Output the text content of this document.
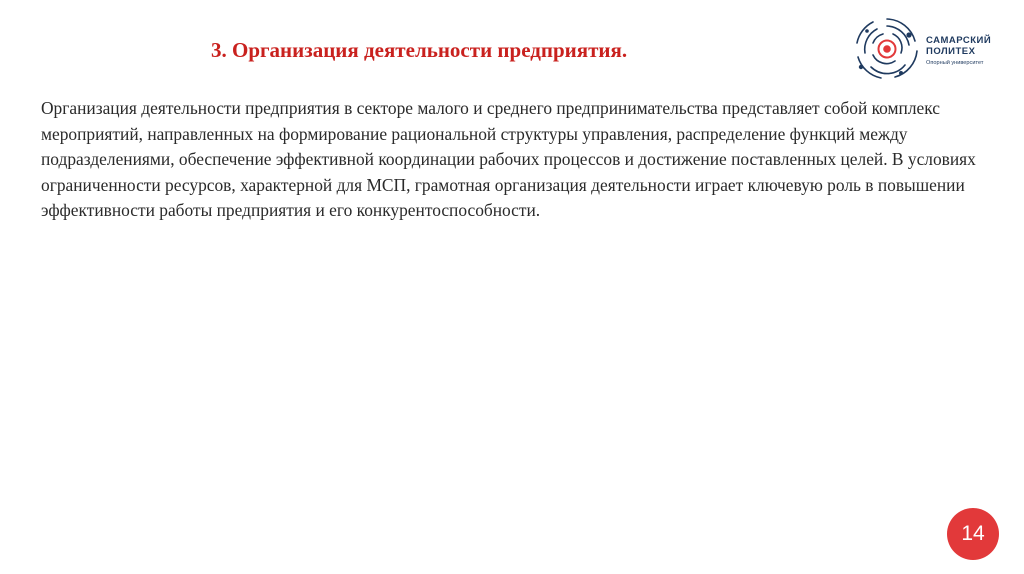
3. Организация деятельности предприятия.

Организация деятельности предприятия в секторе малого и среднего предпринимательства представляет собой комплекс мероприятий, направленных на формирование рациональной структуры управления, распределение функций между подразделениями, обеспечение эффективной координации рабочих процессов и достижение поставленных целей. В условиях ограниченности ресурсов, характерной для МСП, грамотная организация деятельности играет ключевую роль в повышении эффективности работы предприятия и его конкурентоспособности.

САМАРСКИЙ
ПОЛИТЕХ
Опорный университет
14
